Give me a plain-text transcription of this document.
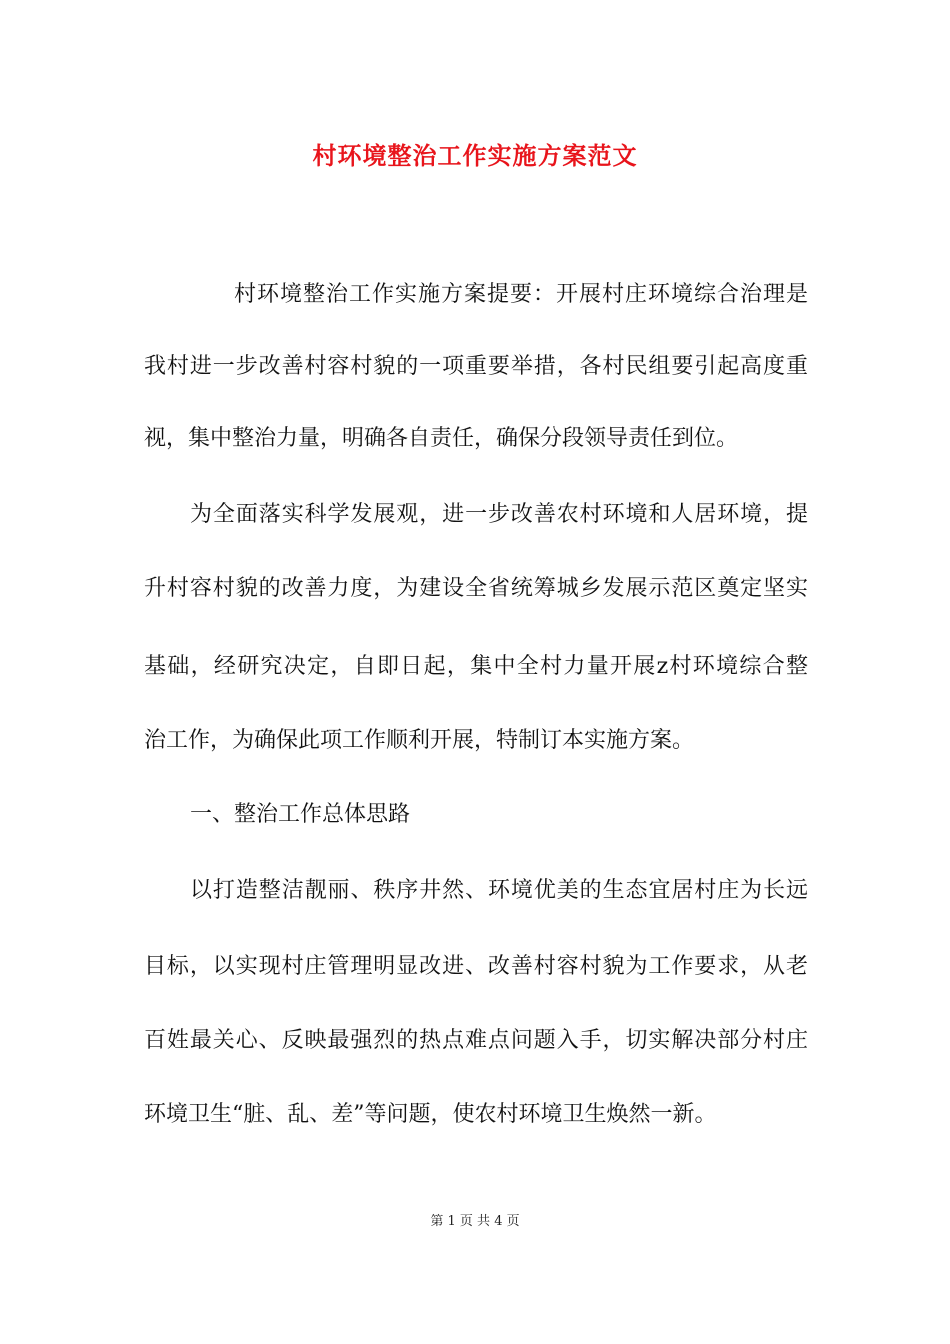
村环境整治工作实施方案范文

村环境整治工作实施方案提要：开展村庄环境综合治理是

我村进一步改善村容村貌的一项重要举措，各村民组要引起高度重

视，集中整治力量，明确各自责任，确保分段领导责任到位。

为全面落实科学发展观，进一步改善农村环境和人居环境，提

升村容村貌的改善力度，为建设全省统筹城乡发展示范区奠定坚实

基础，经研究决定，自即日起，集中全村力量开展z村环境综合整

治工作，为确保此项工作顺利开展，特制订本实施方案。

一、整治工作总体思路

以打造整洁靓丽、秩序井然、环境优美的生态宜居村庄为长远

目标，以实现村庄管理明显改进、改善村容村貌为工作要求，从老

百姓最关心、反映最强烈的热点难点问题入手，切实解决部分村庄

环境卫生“脏、乱、差”等问题，使农村环境卫生焕然一新。

第 1 页 共 4 页
